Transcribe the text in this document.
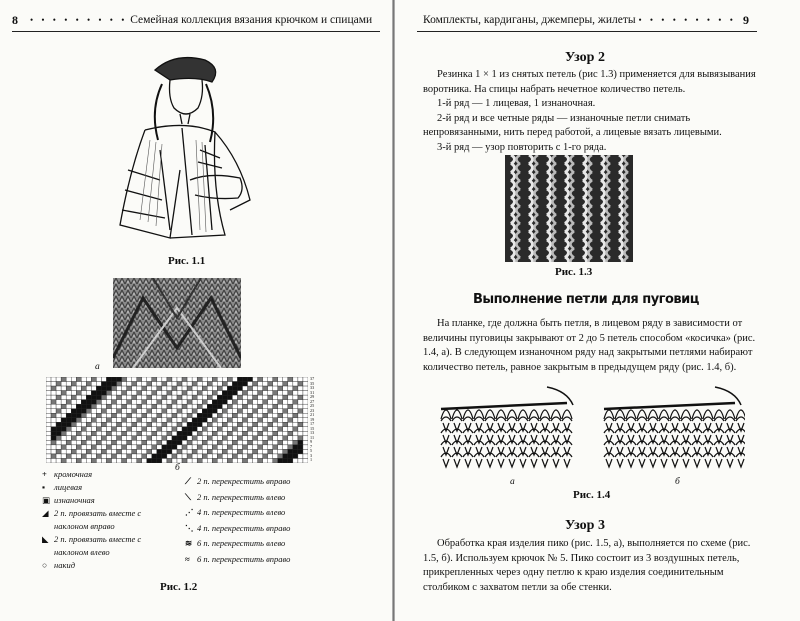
8 • • • • • • • • • Семейная коллекция вязания крючком и спицами
Рис. 1.1
а
37
35
33
31
29
27
25
23
21
19
17
15
13
11
9
7
5
3
1
б
+ кромочная
▪	лицевая
▣ изнаночная
◢ 2 п. провязать вместе с наклоном вправо
◣ 2 п. провязать вместе с наклоном влево
○ накид
⟋ 2 п. перекрестить вправо
⟍ 2 п. перекрестить влево
⋰ 4 п. перекрестить влево
⋱ 4 п. перекрестить вправо
≋ 6 п. перекрестить влево
≈ 6 п. перекрестить вправо
Рис. 1.2
Комплекты, кардиганы, джемперы, жилеты • • • • • • • • • 9
Узор 2

Резинка 1 × 1 из снятых петель (рис 1.3) применяется для вывязывания воротника. На спицы набрать нечетное количество петель.

1-й ряд — 1 лицевая, 1 изнаночная.

2-й ряд и все четные ряды — изнаночные петли снимать непровязанными, нить перед работой, а лицевые вязать лицевыми.

3-й ряд — узор повторить с 1-го ряда.

Рис. 1.3
Выполнение петли для пуговиц

На планке, где должна быть петля, в лицевом ряду в зависимости от величины пуговицы закрывают от 2 до 5 петель способом «косичка» (рис. 1.4, а). В следующем изнаночном ряду над закрытыми петлями набирают количество петель, равное закрытым в предыдущем ряду (рис. 1.4, б).

а	б
Рис. 1.4
Узор 3

Обработка края изделия пико (рис. 1.5, а), выполняется по схеме (рис. 1.5, б). Используем крючок № 5. Пико состоит из 3 воздушных петель, прикрепленных через одну петлю к краю изделия соединительным столбиком с захватом петли за обе стенки.
